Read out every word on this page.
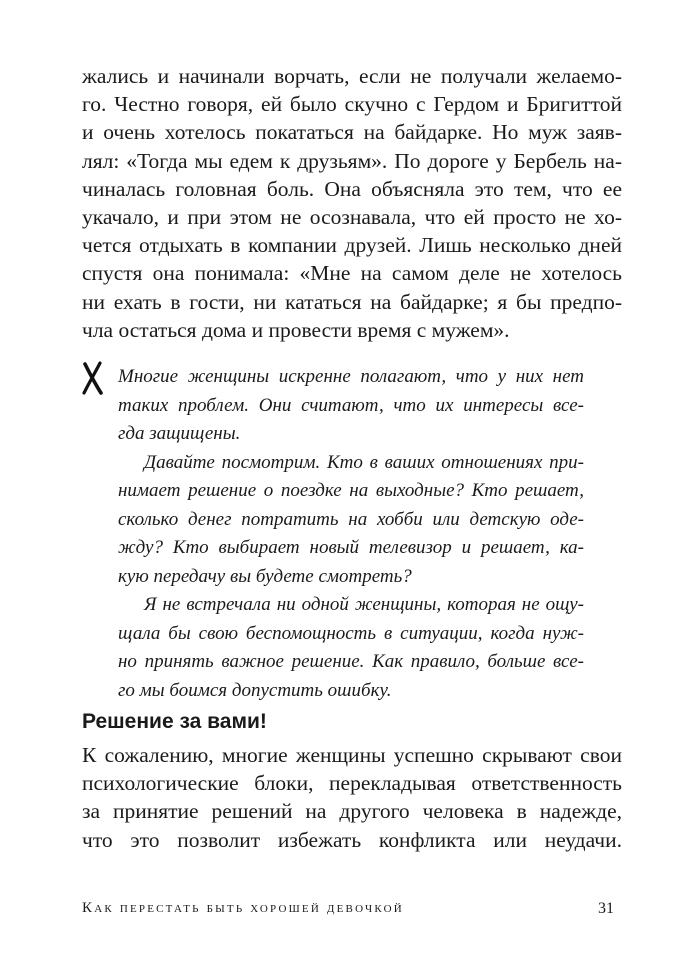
жались и начинали ворчать, если не получали желаемо-
го. Честно говоря, ей было скучно с Гердом и Бригиттой
и очень хотелось покататься на байдарке. Но муж заяв-
лял: «Тогда мы едем к друзьям». По дороге у Бербель на-
чиналась головная боль. Она объясняла это тем, что ее
укачало, и при этом не осознавала, что ей просто не хо-
чется отдыхать в компании друзей. Лишь несколько дней
спустя она понимала: «Мне на самом деле не хотелось
ни ехать в гости, ни кататься на байдарке; я бы предпо-
чла остаться дома и провести время с мужем».

Многие женщины искренне полагают, что у них нет
таких проблем. Они считают, что их интересы все-
гда защищены.
Давайте посмотрим. Кто в ваших отношениях при-
нимает решение о поездке на выходные? Кто решает,
сколько денег потратить на хобби или детскую оде-
жду? Кто выбирает новый телевизор и решает, ка-
кую передачу вы будете смотреть?
Я не встречала ни одной женщины, которая не ощу-
щала бы свою беспомощность в ситуации, когда нуж-
но принять важное решение. Как правило, больше все-
го мы боимся допустить ошибку.
Решение за вами!

К сожалению, многие женщины успешно скрывают свои
психологические блоки, перекладывая ответственность
за принятие решений на другого человека в надежде,
что это позволит избежать конфликта или неудачи.

Как перестать быть хорошей девочкой	31
